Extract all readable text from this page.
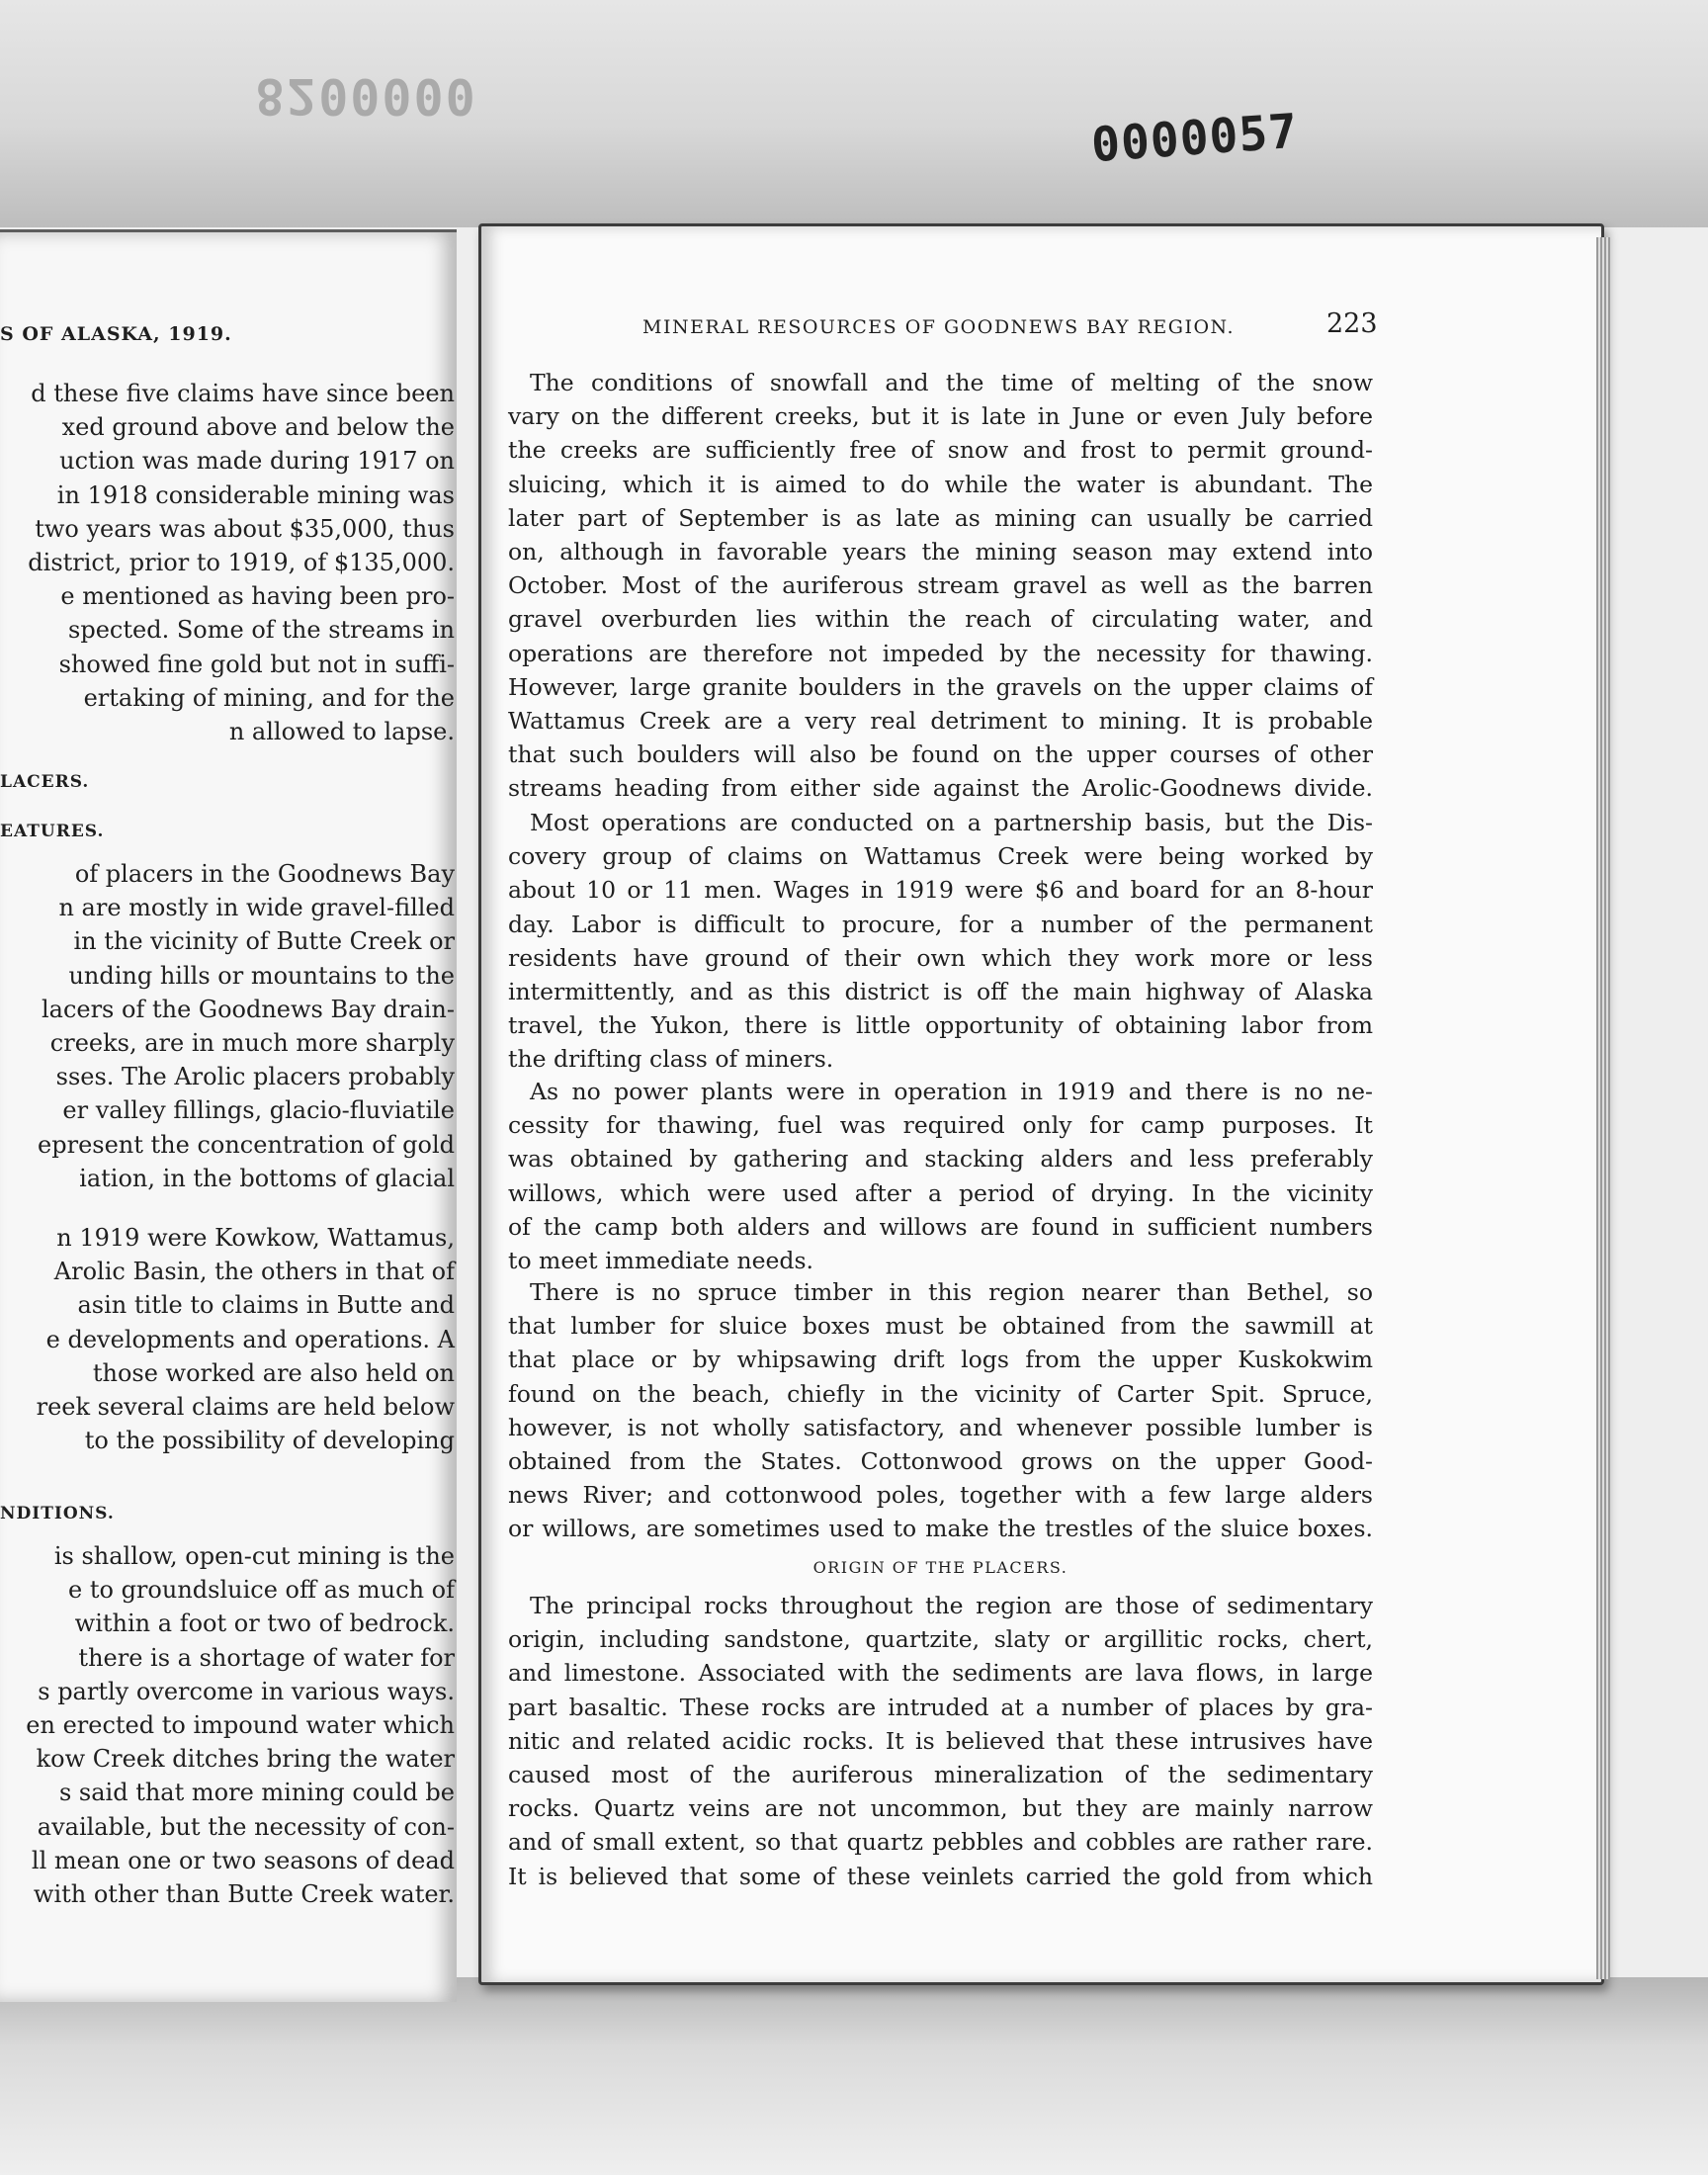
8200000
0000057
S OF ALASKA, 1919.
d these five claims have since been
xed ground above and below the
uction was made during 1917 on
in 1918 considerable mining was
two years was about $35,000, thus
district, prior to 1919, of $135,000.
e mentioned as having been pro-
spected. Some of the streams in
showed fine gold but not in suffi-
ertaking of mining, and for the
n allowed to lapse.
LACERS.
EATURES.
of placers in the Goodnews Bay
n are mostly in wide gravel-filled
in the vicinity of Butte Creek or
unding hills or mountains to the
lacers of the Goodnews Bay drain-
creeks, are in much more sharply
sses. The Arolic placers probably
er valley fillings, glacio-fluviatile
epresent the concentration of gold
iation, in the bottoms of glacial
n 1919 were Kowkow, Wattamus,
Arolic Basin, the others in that of
asin title to claims in Butte and
e developments and operations. A
those worked are also held on
reek several claims are held below
to the possibility of developing
NDITIONS.
is shallow, open-cut mining is the
e to groundsluice off as much of
within a foot or two of bedrock.
there is a shortage of water for
s partly overcome in various ways.
en erected to impound water which
kow Creek ditches bring the water
s said that more mining could be
available, but the necessity of con-
ll mean one or two seasons of dead
with other than Butte Creek water.
MINERAL RESOURCES OF GOODNEWS BAY REGION.	223
The conditions of snowfall and the time of melting of the snow
vary on the different creeks, but it is late in June or even July before
the creeks are sufficiently free of snow and frost to permit ground-
sluicing, which it is aimed to do while the water is abundant. The
later part of September is as late as mining can usually be carried
on, although in favorable years the mining season may extend into
October. Most of the auriferous stream gravel as well as the barren
gravel overburden lies within the reach of circulating water, and
operations are therefore not impeded by the necessity for thawing.
However, large granite boulders in the gravels on the upper claims of
Wattamus Creek are a very real detriment to mining. It is probable
that such boulders will also be found on the upper courses of other
streams heading from either side against the Arolic-Goodnews divide.
Most operations are conducted on a partnership basis, but the Dis-
covery group of claims on Wattamus Creek were being worked by
about 10 or 11 men. Wages in 1919 were $6 and board for an 8-hour
day. Labor is difficult to procure, for a number of the permanent
residents have ground of their own which they work more or less
intermittently, and as this district is off the main highway of Alaska
travel, the Yukon, there is little opportunity of obtaining labor from
the drifting class of miners.
As no power plants were in operation in 1919 and there is no ne-
cessity for thawing, fuel was required only for camp purposes. It
was obtained by gathering and stacking alders and less preferably
willows, which were used after a period of drying. In the vicinity
of the camp both alders and willows are found in sufficient numbers
to meet immediate needs.
There is no spruce timber in this region nearer than Bethel, so
that lumber for sluice boxes must be obtained from the sawmill at
that place or by whipsawing drift logs from the upper Kuskokwim
found on the beach, chiefly in the vicinity of Carter Spit. Spruce,
however, is not wholly satisfactory, and whenever possible lumber is
obtained from the States. Cottonwood grows on the upper Good-
news River; and cottonwood poles, together with a few large alders
or willows, are sometimes used to make the trestles of the sluice boxes.
ORIGIN OF THE PLACERS.
The principal rocks throughout the region are those of sedimentary
origin, including sandstone, quartzite, slaty or argillitic rocks, chert,
and limestone. Associated with the sediments are lava flows, in large
part basaltic. These rocks are intruded at a number of places by gra-
nitic and related acidic rocks. It is believed that these intrusives have
caused most of the auriferous mineralization of the sedimentary
rocks. Quartz veins are not uncommon, but they are mainly narrow
and of small extent, so that quartz pebbles and cobbles are rather rare.
It is believed that some of these veinlets carried the gold from which
